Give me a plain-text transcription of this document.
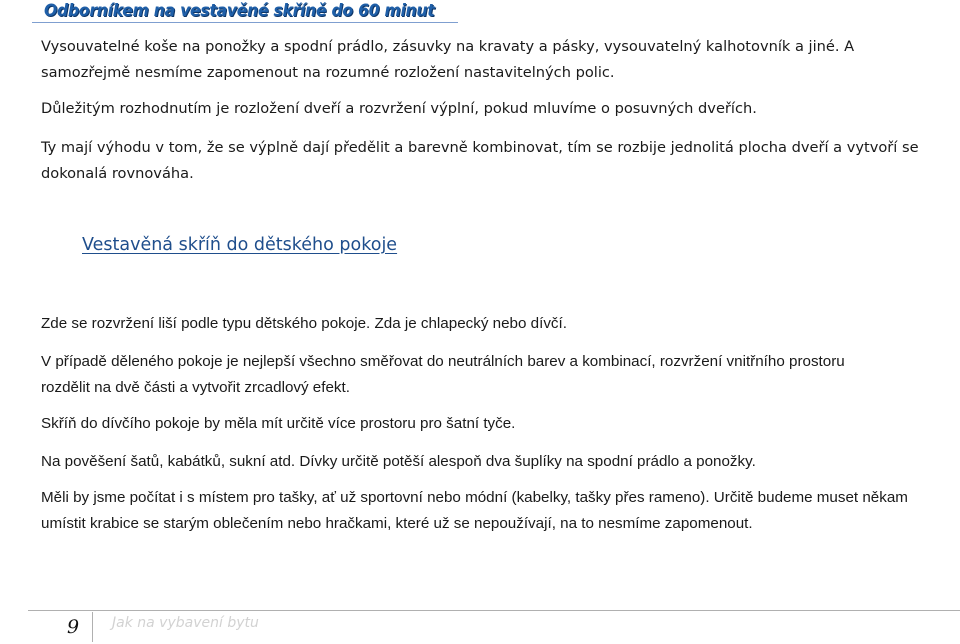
Odborníkem na vestavěné skříně do 60 minut

Vysouvatelné koše na ponožky a spodní prádlo, zásuvky na kravaty a pásky, vysouvatelný kalhotovník a jiné. A samozřejmě nesmíme zapomenout na rozumné rozložení nastavitelných polic.

Důležitým rozhodnutím je rozložení dveří a rozvržení výplní, pokud mluvíme o posuvných dveřích.

Ty mají výhodu v tom, že se výplně dají předělit a barevně kombinovat, tím se rozbije jednolitá plocha dveří a vytvoří se dokonalá rovnováha.

Vestavěná skříň do dětského pokoje

Zde se rozvržení liší podle typu dětského pokoje. Zda je chlapecký nebo dívčí.

V případě děleného pokoje je nejlepší všechno směřovat do neutrálních barev a kombinací, rozvržení vnitřního prostoru rozdělit na dvě části a vytvořit zrcadlový efekt.

Skříň do dívčího pokoje by měla mít určitě více prostoru pro šatní tyče.

Na pověšení šatů, kabátků, sukní atd. Dívky určitě potěší alespoň dva šuplíky na spodní prádlo a ponožky.

Měli by jsme počítat i s místem pro tašky, ať už sportovní nebo módní (kabelky, tašky přes rameno). Určitě budeme muset někam umístit krabice se starým oblečením nebo hračkami, které už se nepoužívají, na to nesmíme zapomenout.

9 Jak na vybavení bytu
